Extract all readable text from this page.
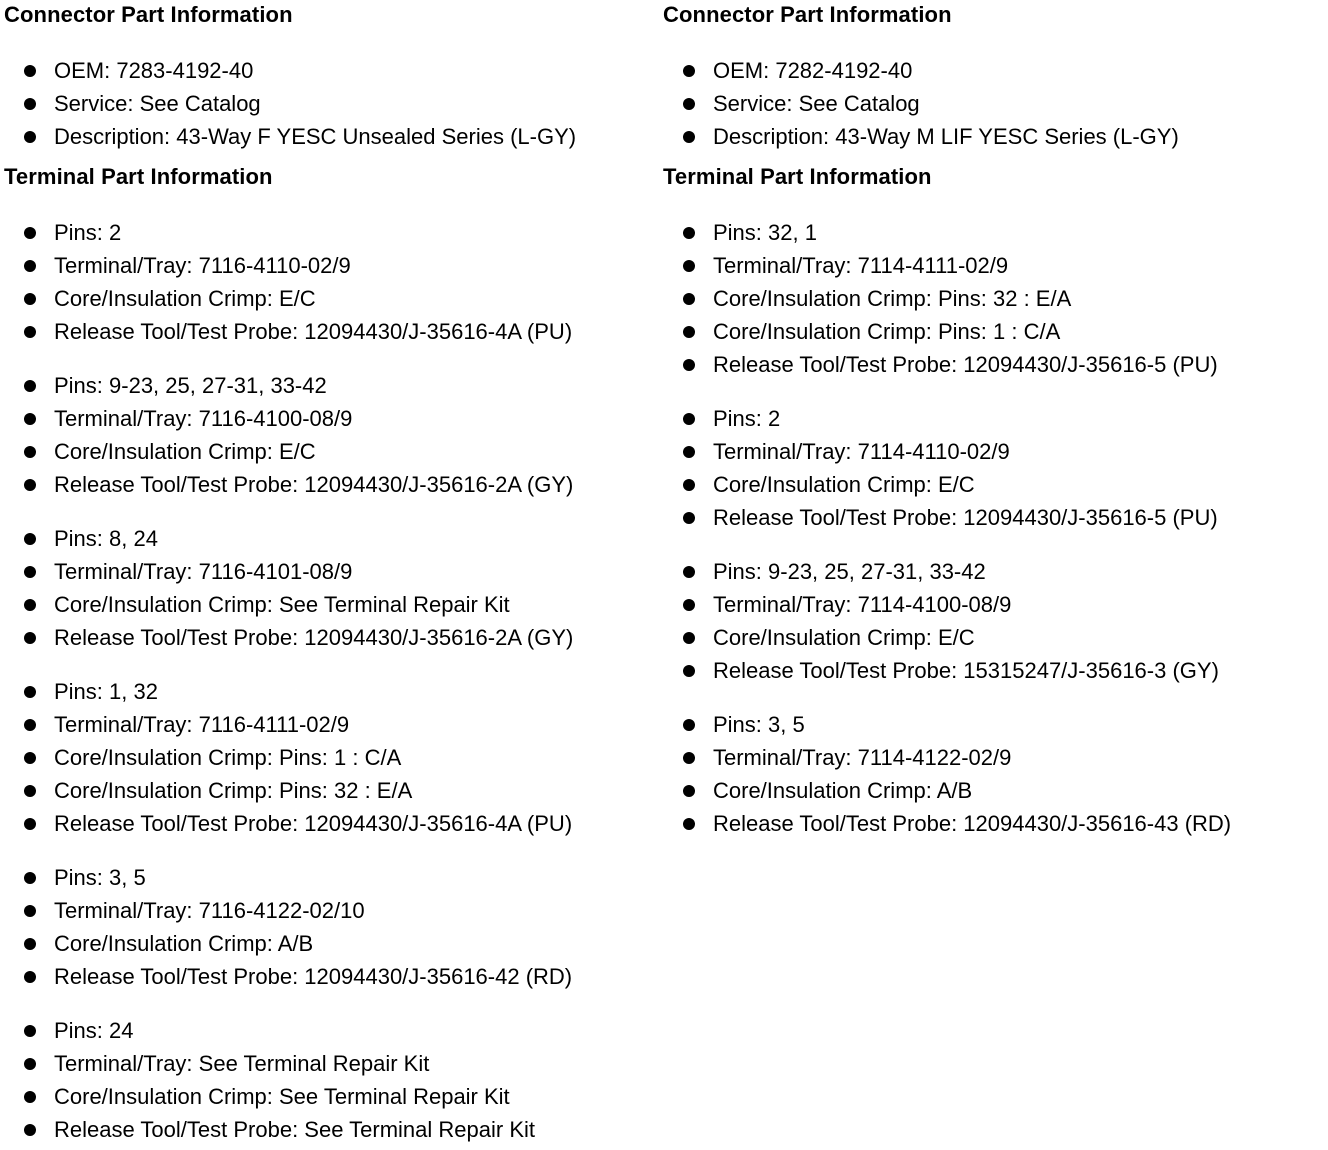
Connector Part Information
OEM: 7283-4192-40
Service: See Catalog
Description: 43-Way F YESC Unsealed Series (L-GY)
Terminal Part Information
Pins: 2
Terminal/Tray: 7116-4110-02/9
Core/Insulation Crimp: E/C
Release Tool/Test Probe: 12094430/J-35616-4A (PU)
Pins: 9-23, 25, 27-31, 33-42
Terminal/Tray: 7116-4100-08/9
Core/Insulation Crimp: E/C
Release Tool/Test Probe: 12094430/J-35616-2A (GY)
Pins: 8, 24
Terminal/Tray: 7116-4101-08/9
Core/Insulation Crimp: See Terminal Repair Kit
Release Tool/Test Probe: 12094430/J-35616-2A (GY)
Pins: 1, 32
Terminal/Tray: 7116-4111-02/9
Core/Insulation Crimp: Pins: 1 : C/A
Core/Insulation Crimp: Pins: 32 : E/A
Release Tool/Test Probe: 12094430/J-35616-4A (PU)
Pins: 3, 5
Terminal/Tray: 7116-4122-02/10
Core/Insulation Crimp: A/B
Release Tool/Test Probe: 12094430/J-35616-42 (RD)
Pins: 24
Terminal/Tray: See Terminal Repair Kit
Core/Insulation Crimp: See Terminal Repair Kit
Release Tool/Test Probe: See Terminal Repair Kit
Connector Part Information
OEM: 7282-4192-40
Service: See Catalog
Description: 43-Way M LIF YESC Series (L-GY)
Terminal Part Information
Pins: 32, 1
Terminal/Tray: 7114-4111-02/9
Core/Insulation Crimp: Pins: 32 : E/A
Core/Insulation Crimp: Pins: 1 : C/A
Release Tool/Test Probe: 12094430/J-35616-5 (PU)
Pins: 2
Terminal/Tray: 7114-4110-02/9
Core/Insulation Crimp: E/C
Release Tool/Test Probe: 12094430/J-35616-5 (PU)
Pins: 9-23, 25, 27-31, 33-42
Terminal/Tray: 7114-4100-08/9
Core/Insulation Crimp: E/C
Release Tool/Test Probe: 15315247/J-35616-3 (GY)
Pins: 3, 5
Terminal/Tray: 7114-4122-02/9
Core/Insulation Crimp: A/B
Release Tool/Test Probe: 12094430/J-35616-43 (RD)
